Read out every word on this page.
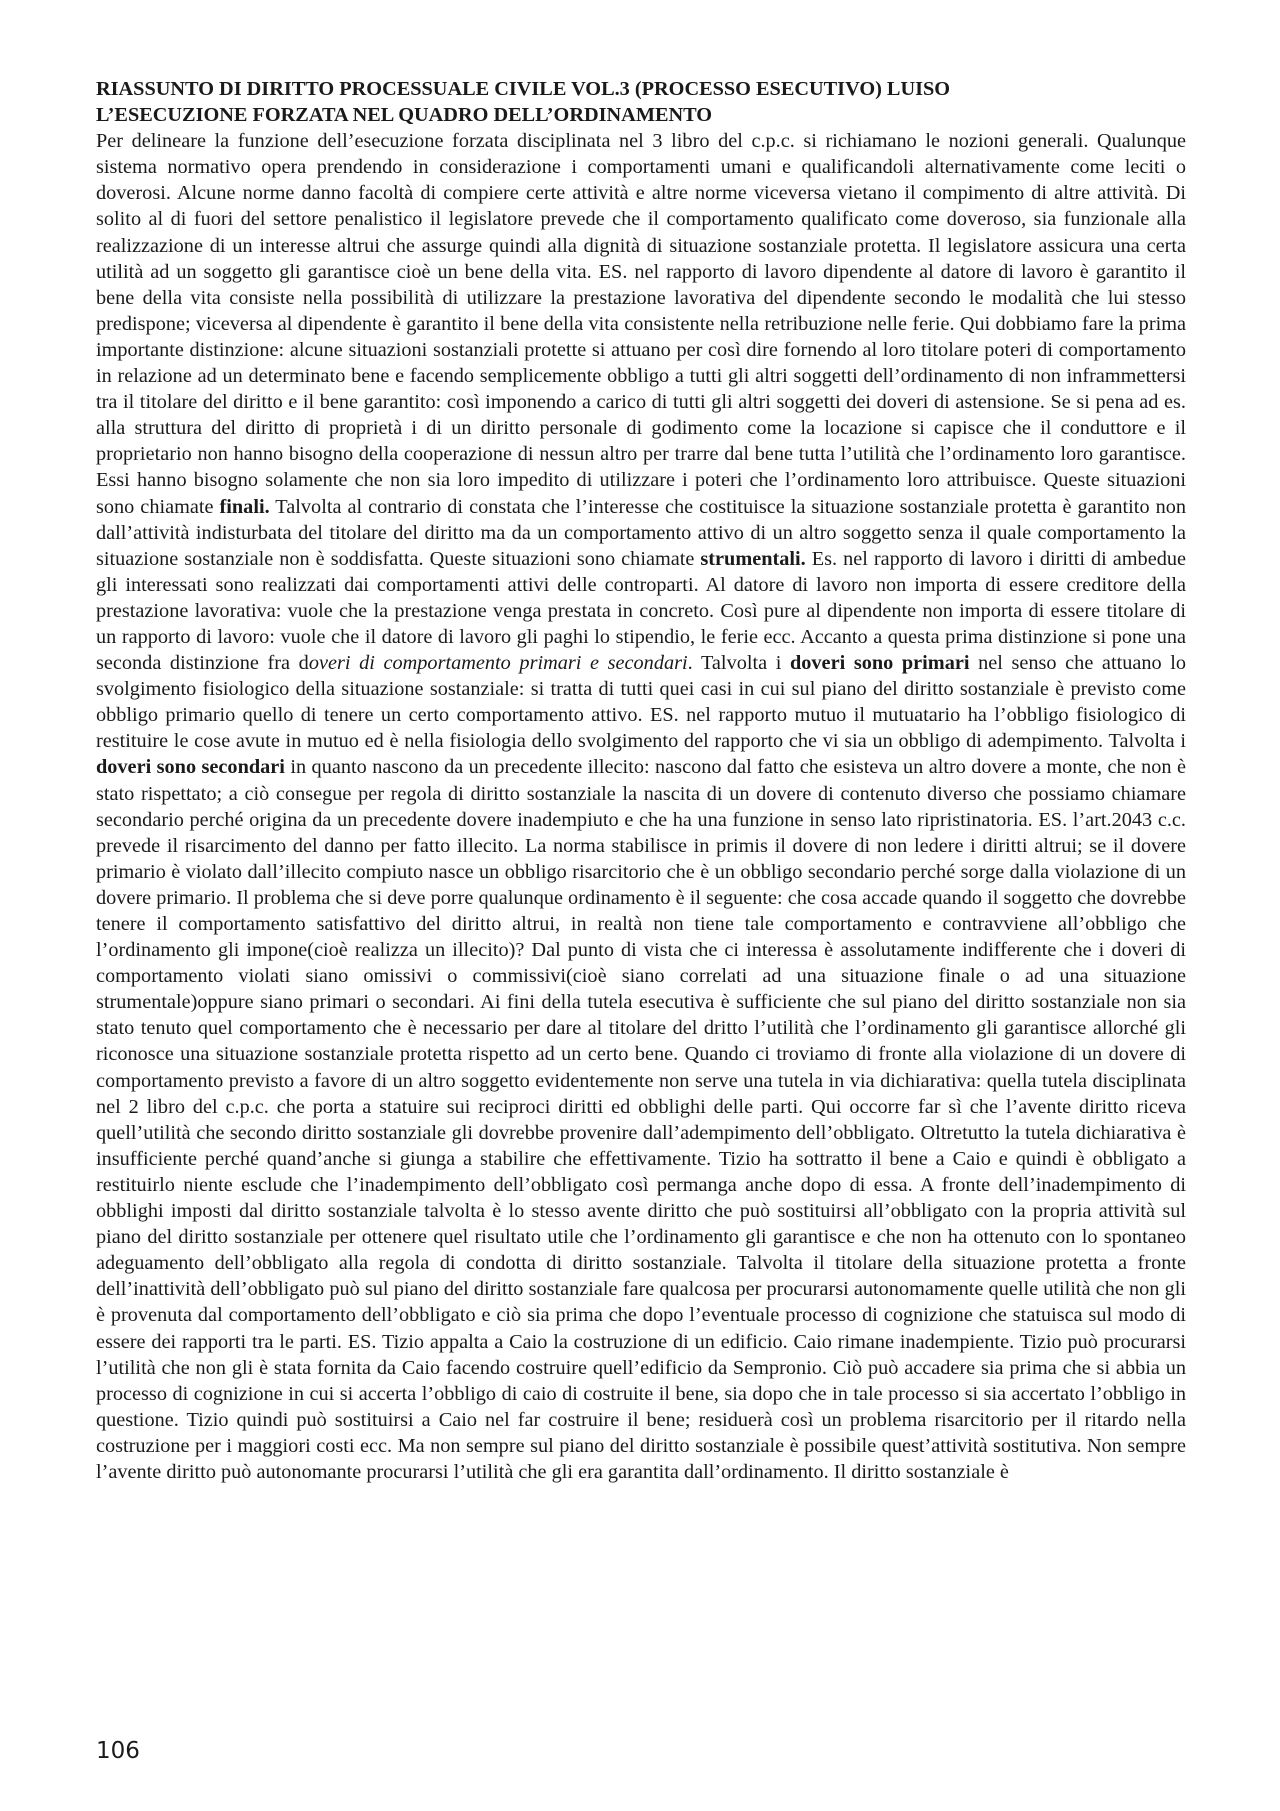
RIASSUNTO DI DIRITTO PROCESSUALE CIVILE VOL.3 (PROCESSO ESECUTIVO) LUISO

L’ESECUZIONE FORZATA NEL QUADRO DELL’ORDINAMENTO

Per delineare la funzione dell’esecuzione forzata disciplinata nel 3 libro del c.p.c. si richiamano le nozioni generali. Qualunque sistema normativo opera prendendo in considerazione i comportamenti umani e qualificandoli alternativamente come leciti o doverosi. Alcune norme danno facoltà di compiere certe attività e altre norme viceversa vietano il compimento di altre attività. Di solito al di fuori del settore penalistico il legislatore prevede che il comportamento qualificato come doveroso, sia funzionale alla realizzazione di un interesse altrui che assurge quindi alla dignità di situazione sostanziale protetta. Il legislatore assicura una certa utilità ad un soggetto gli garantisce cioè un bene della vita. ES. nel rapporto di lavoro dipendente al datore di lavoro è garantito il bene della vita consiste nella possibilità di utilizzare la prestazione lavorativa del dipendente secondo le modalità che lui stesso predispone; viceversa al dipendente è garantito il bene della vita consistente nella retribuzione nelle ferie. Qui dobbiamo fare la prima importante distinzione: alcune situazioni sostanziali protette si attuano per così dire fornendo al loro titolare poteri di comportamento in relazione ad un determinato bene e facendo semplicemente obbligo a tutti gli altri soggetti dell’ordinamento di non inframmettersi tra il titolare del diritto e il bene garantito: così imponendo a carico di tutti gli altri soggetti dei doveri di astensione. Se si pena ad es. alla struttura del diritto di proprietà i di un diritto personale di godimento come la locazione si capisce che il conduttore e il proprietario non hanno bisogno della cooperazione di nessun altro per trarre dal bene tutta l’utilità che l’ordinamento loro garantisce. Essi hanno bisogno solamente che non sia loro impedito di utilizzare i poteri che l’ordinamento loro attribuisce. Queste situazioni sono chiamate finali. Talvolta al contrario di constata che l’interesse che costituisce la situazione sostanziale protetta è garantito non dall’attività indisturbata del titolare del diritto ma da un comportamento attivo di un altro soggetto senza il quale comportamento la situazione sostanziale non è soddisfatta. Queste situazioni sono chiamate strumentali. Es. nel rapporto di lavoro i diritti di ambedue gli interessati sono realizzati dai comportamenti attivi delle controparti. Al datore di lavoro non importa di essere creditore della prestazione lavorativa: vuole che la prestazione venga prestata in concreto. Così pure al dipendente non importa di essere titolare di un rapporto di lavoro: vuole che il datore di lavoro gli paghi lo stipendio, le ferie ecc. Accanto a questa prima distinzione si pone una seconda distinzione fra doveri di comportamento primari e secondari. Talvolta i doveri sono primari nel senso che attuano lo svolgimento fisiologico della situazione sostanziale: si tratta di tutti quei casi in cui sul piano del diritto sostanziale è previsto come obbligo primario quello di tenere un certo comportamento attivo. ES. nel rapporto mutuo il mutuatario ha l’obbligo fisiologico di restituire le cose avute in mutuo ed è nella fisiologia dello svolgimento del rapporto che vi sia un obbligo di adempimento. Talvolta i doveri sono secondari in quanto nascono da un precedente illecito: nascono dal fatto che esisteva un altro dovere a monte, che non è stato rispettato; a ciò consegue per regola di diritto sostanziale la nascita di un dovere di contenuto diverso che possiamo chiamare secondario perché origina da un precedente dovere inadempiuto e che ha una funzione in senso lato ripristinatoria. ES. l’art.2043 c.c. prevede il risarcimento del danno per fatto illecito. La norma stabilisce in primis il dovere di non ledere i diritti altrui; se il dovere primario è violato dall’illecito compiuto nasce un obbligo risarcitorio che è un obbligo secondario perché sorge dalla violazione di un dovere primario. Il problema che si deve porre qualunque ordinamento è il seguente: che cosa accade quando il soggetto che dovrebbe tenere il comportamento satisfattivo del diritto altrui, in realtà non tiene tale comportamento e contravviene all’obbligo che l’ordinamento gli impone(cioè realizza un illecito)? Dal punto di vista che ci interessa è assolutamente indifferente che i doveri di comportamento violati siano omissivi o commissivi(cioè siano correlati ad una situazione finale o ad una situazione strumentale)oppure siano primari o secondari. Ai fini della tutela esecutiva è sufficiente che sul piano del diritto sostanziale non sia stato tenuto quel comportamento che è necessario per dare al titolare del dritto l’utilità che l’ordinamento gli garantisce allorché gli riconosce una situazione sostanziale protetta rispetto ad un certo bene. Quando ci troviamo di fronte alla violazione di un dovere di comportamento previsto a favore di un altro soggetto evidentemente non serve una tutela in via dichiarativa: quella tutela disciplinata nel 2 libro del c.p.c. che porta a statuire sui reciproci diritti ed obblighi delle parti. Qui occorre far sì che l’avente diritto riceva quell’utilità che secondo diritto sostanziale gli dovrebbe provenire dall’adempimento dell’obbligato. Oltretutto la tutela dichiarativa è insufficiente perché quand’anche si giunga a stabilire che effettivamente. Tizio ha sottratto il bene a Caio e quindi è obbligato a restituirlo niente esclude che l’inadempimento dell’obbligato così permanga anche dopo di essa. A fronte dell’inadempimento di obblighi imposti dal diritto sostanziale talvolta è lo stesso avente diritto che può sostituirsi all’obbligato con la propria attività sul piano del diritto sostanziale per ottenere quel risultato utile che l’ordinamento gli garantisce e che non ha ottenuto con lo spontaneo adeguamento dell’obbligato alla regola di condotta di diritto sostanziale. Talvolta il titolare della situazione protetta a fronte dell’inattività dell’obbligato può sul piano del diritto sostanziale fare qualcosa per procurarsi autonomamente quelle utilità che non gli è provenuta dal comportamento dell’obbligato e ciò sia prima che dopo l’eventuale processo di cognizione che statuisca sul modo di essere dei rapporti tra le parti. ES. Tizio appalta a Caio la costruzione di un edificio. Caio rimane inadempiente. Tizio può procurarsi l’utilità che non gli è stata fornita da Caio facendo costruire quell’edificio da Sempronio. Ciò può accadere sia prima che si abbia un processo di cognizione in cui si accerta l’obbligo di caio di costruite il bene, sia dopo che in tale processo si sia accertato l’obbligo in questione. Tizio quindi può sostituirsi a Caio nel far costruire il bene; residuerà così un problema risarcitorio per il ritardo nella costruzione per i maggiori costi ecc. Ma non sempre sul piano del diritto sostanziale è possibile quest’attività sostitutiva. Non sempre l’avente diritto può autonomante procurarsi l’utilità che gli era garantita dall’ordinamento. Il diritto sostanziale è

106
